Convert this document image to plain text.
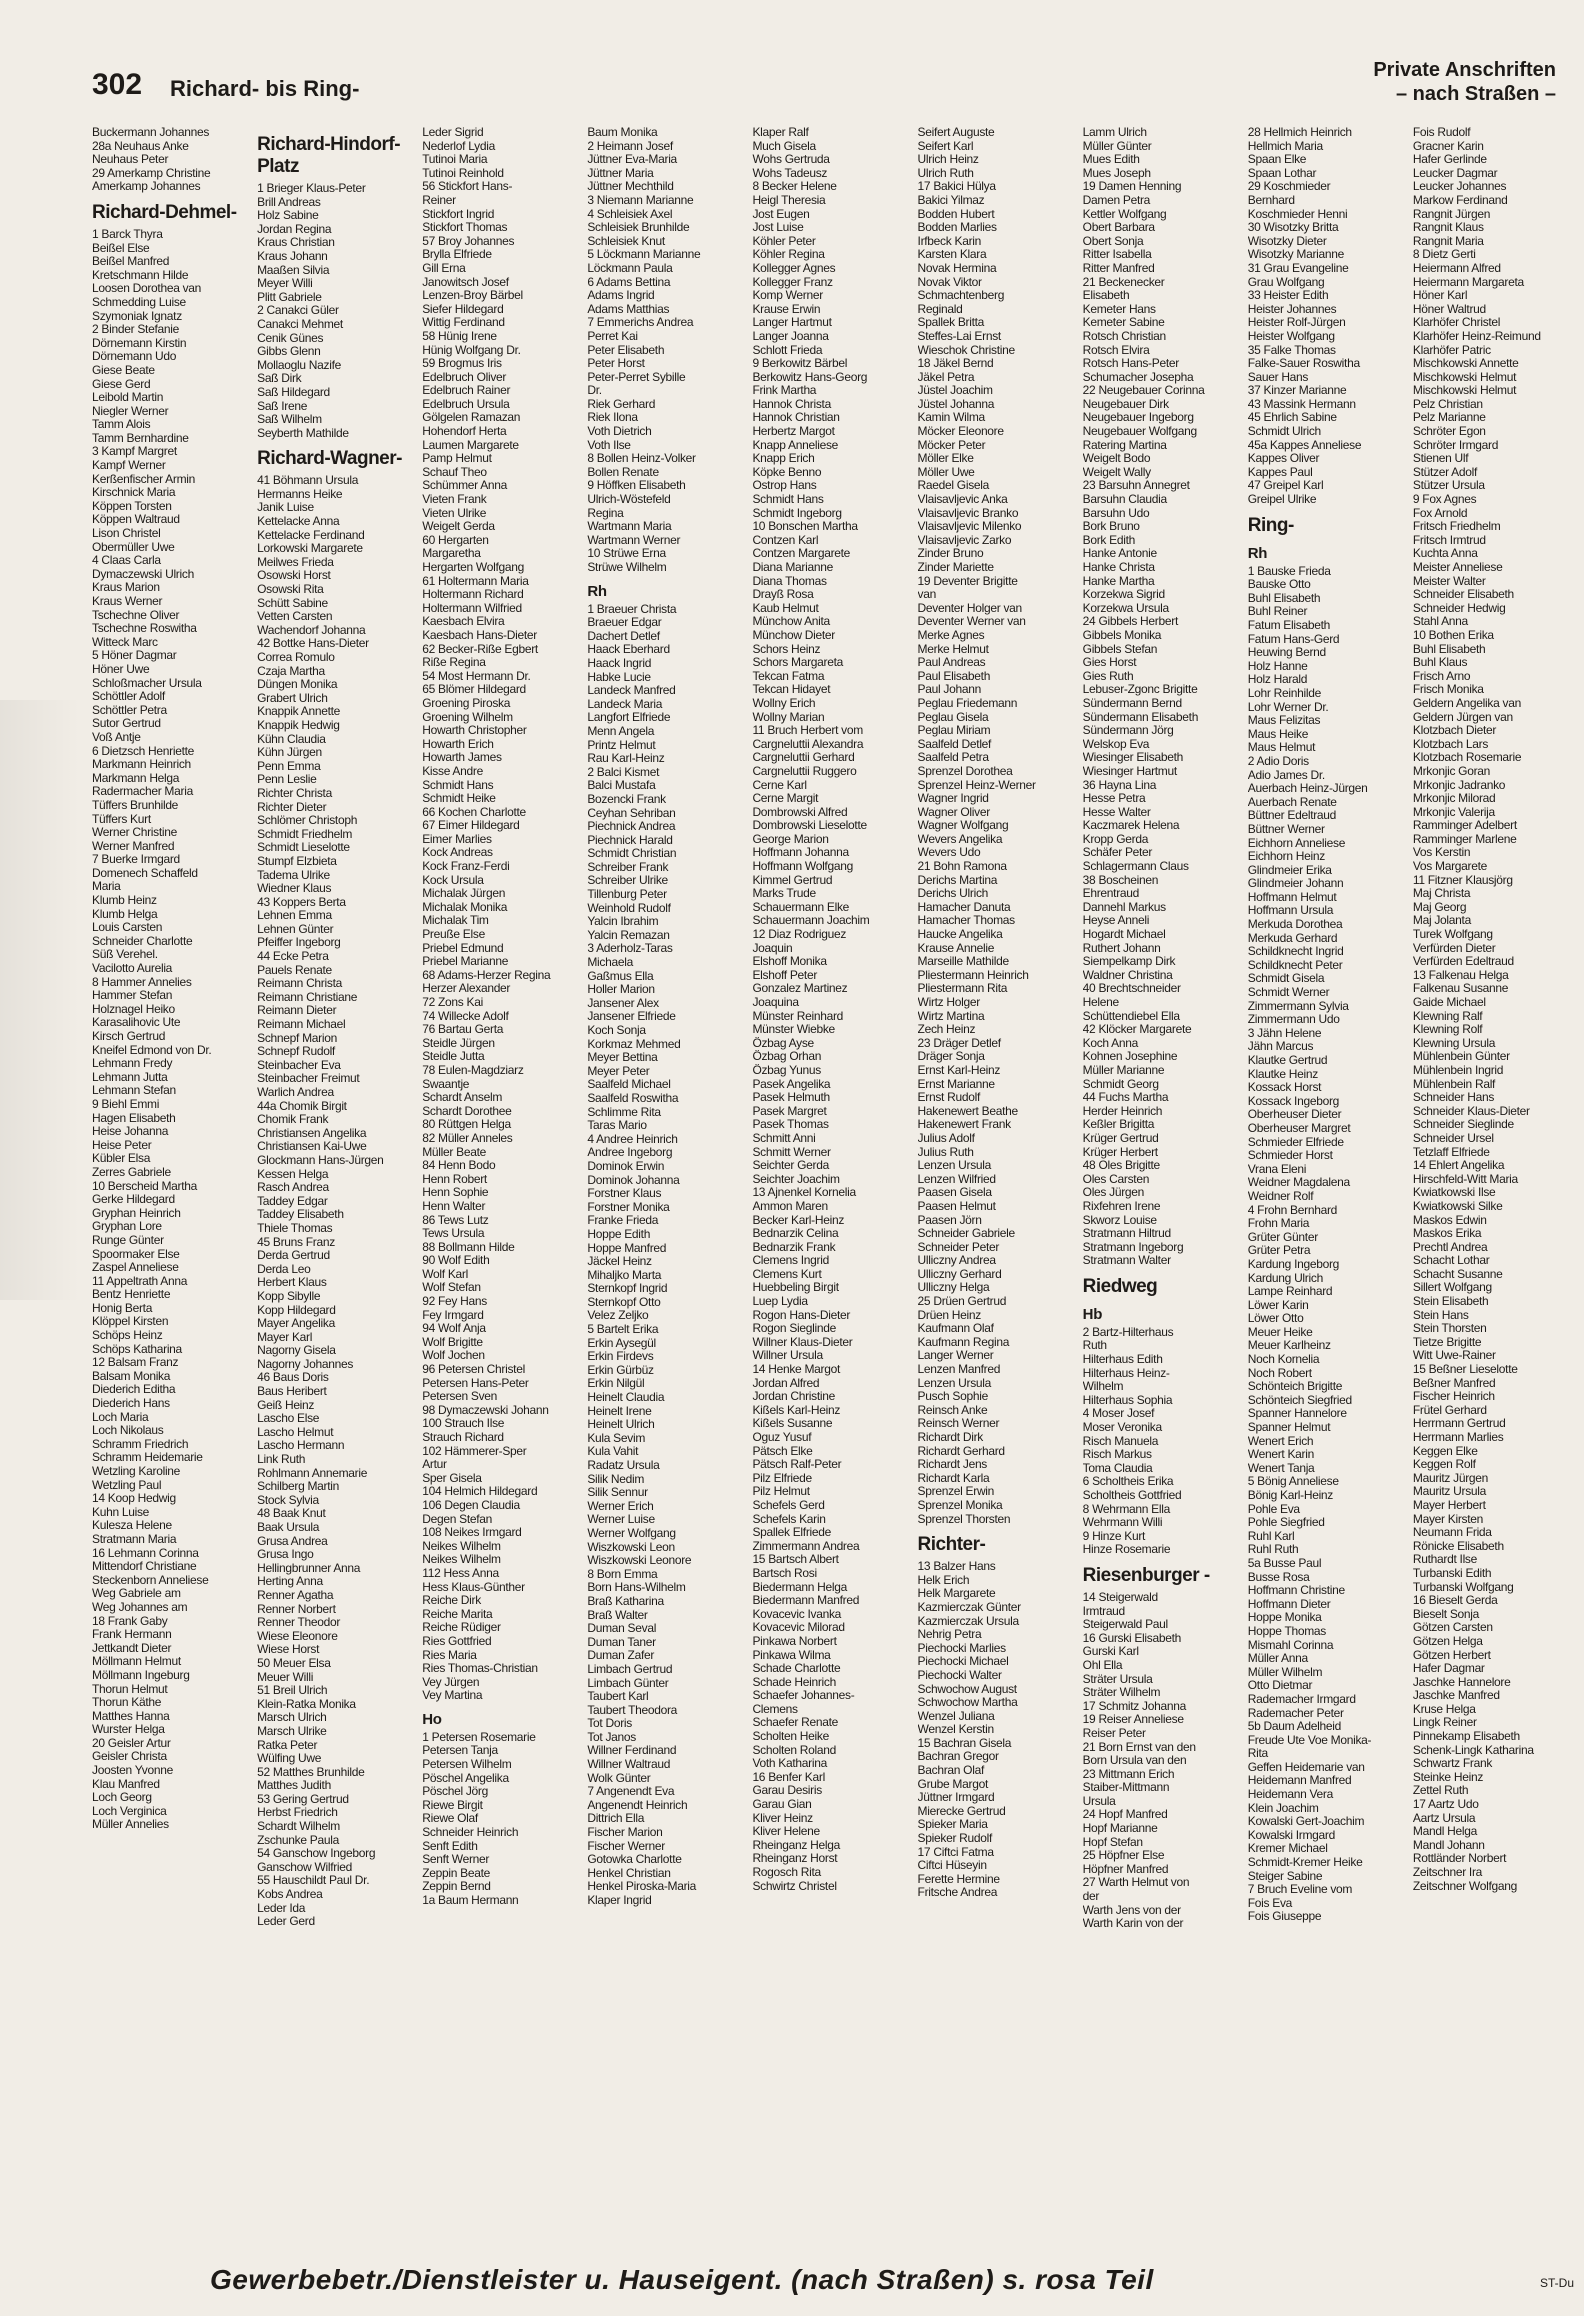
302 Richard- bis Ring-
Private Anschriften
– nach Straßen –
Buckermann Johannes
28a Neuhaus Anke
Neuhaus Peter
29 Amerkamp Christine
Amerkamp Johannes
Richard-Dehmel-
1 Barck Thyra
Beißel Else
Beißel Manfred
Kretschmann Hilde
Loosen Dorothea van
Schmedding Luise
Szymoniak Ignatz
2 Binder Stefanie
Dörnemann Kirstin
Dörnemann Udo
Giese Beate
Giese Gerd
Leibold Martin
Niegler Werner
Tamm Alois
Tamm Bernhardine
3 Kampf Margret
Kampf Werner
Kerßenfischer Armin
Kirschnick Maria
Köppen Torsten
Köppen Waltraud
Lison Christel
Obermüller Uwe
4 Claas Carla
Dymaczewski Ulrich
Kraus Marion
Kraus Werner
Tschechne Oliver
Tschechne Roswitha
Witteck Marc
5 Höner Dagmar
Höner Uwe
Schloßmacher Ursula
Schöttler Adolf
Schöttler Petra
Sutor Gertrud
Voß Antje
6 Dietzsch Henriette
Markmann Heinrich
Markmann Helga
Radermacher Maria
Tüffers Brunhilde
Tüffers Kurt
Werner Christine
Werner Manfred
7 Buerke Irmgard
Domenech Schaffeld
Maria
Klumb Heinz
Klumb Helga
Louis Carsten
Schneider Charlotte
Süß Verehel.
Vacilotto Aurelia
8 Hammer Annelies
Hammer Stefan
Holznagel Heiko
Karasalihovic Ute
Kirsch Gertrud
Kneifel Edmond von Dr.
Lehmann Fredy
Lehmann Jutta
Lehmann Stefan
9 Biehl Emmi
Hagen Elisabeth
Heise Johanna
Heise Peter
Kübler Elsa
Zerres Gabriele
10 Berscheid Martha
Gerke Hildegard
Gryphan Heinrich
Gryphan Lore
Runge Günter
Spoormaker Else
Zaspel Anneliese
11 Appeltrath Anna
Bentz Henriette
Honig Berta
Klöppel Kirsten
Schöps Heinz
Schöps Katharina
12 Balsam Franz
Balsam Monika
Diederich Editha
Diederich Hans
Loch Maria
Loch Nikolaus
Schramm Friedrich
Schramm Heidemarie
Wetzling Karoline
Wetzling Paul
14 Koop Hedwig
Kuhn Luise
Kulesza Helene
Stratmann Maria
16 Lehmann Corinna
Mittendorf Christiane
Steckenborn Anneliese
Weg Gabriele am
Weg Johannes am
18 Frank Gaby
Frank Hermann
Jettkandt Dieter
Möllmann Helmut
Möllmann Ingeburg
Thorun Helmut
Thorun Käthe
Matthes Hanna
Wurster Helga
20 Geisler Artur
Geisler Christa
Joosten Yvonne
Klau Manfred
Loch Georg
Loch Verginica
Müller Annelies
Richard-Hindorf-Platz
1 Brieger Klaus-Peter
Brill Andreas
Holz Sabine
Jordan Regina
Kraus Christian
Kraus Johann
Maaßen Silvia
Meyer Willi
Plitt Gabriele
2 Canakci Güler
Canakci Mehmet
Cenik Günes
Gibbs Glenn
Mollaoglu Nazife
Saß Dirk
Saß Hildegard
Saß Irene
Saß Wilhelm
Seyberth Mathilde
Richard-Wagner-
41 Böhmann Ursula
Hermanns Heike
Janik Luise
Kettelacke Anna
Kettelacke Ferdinand
Lorkowski Margarete
Meilwes Frieda
Osowski Horst
Osowski Rita
Schütt Sabine
Vetten Carsten
Wachendorf Johanna
42 Bottke Hans-Dieter
Correa Romulo
Czaja Martha
Düngen Monika
Grabert Ulrich
Knappik Annette
Knappik Hedwig
Kühn Claudia
Kühn Jürgen
Penn Emma
Penn Leslie
Richter Christa
Richter Dieter
Schlömer Christoph
Schmidt Friedhelm
Schmidt Lieselotte
Stumpf Elzbieta
Tadema Ulrike
Wiedner Klaus
43 Koppers Berta
Lehnen Emma
Lehnen Günter
Pfeiffer Ingeborg
44 Ecke Petra
Pauels Renate
Reimann Christa
Reimann Christiane
Reimann Dieter
Reimann Michael
Schnepf Marion
Schnepf Rudolf
Steinbacher Eva
Steinbacher Freimut
Warlich Andrea
44a Chomik Birgit
Chomik Frank
Christiansen Angelika
Christiansen Kai-Uwe
Glockmann Hans-Jürgen
Kessen Helga
Rasch Andrea
Taddey Edgar
Taddey Elisabeth
Thiele Thomas
45 Bruns Franz
Derda Gertrud
Derda Leo
Herbert Klaus
Kopp Sibylle
Kopp Hildegard
Mayer Angelika
Mayer Karl
Nagorny Gisela
Nagorny Johannes
46 Baus Doris
Baus Heribert
Geiß Heinz
Lascho Else
Lascho Helmut
Lascho Hermann
Link Ruth
Rohlmann Annemarie
Schilberg Martin
Stock Sylvia
48 Baak Knut
Baak Ursula
Grusa Andrea
Grusa Ingo
Hellingbrunner Anna
Herting Anna
Renner Agatha
Renner Norbert
Renner Theodor
Wiese Eleonore
Wiese Horst
50 Meuer Elsa
Meuer Willi
51 Breil Ulrich
Klein-Ratka Monika
Marsch Ulrich
Marsch Ulrike
Ratka Peter
Wülfing Uwe
52 Matthes Brunhilde
Matthes Judith
53 Gering Gertrud
Herbst Friedrich
Schardt Wilhelm
Zschunke Paula
54 Ganschow Ingeborg
Ganschow Wilfried
55 Hauschildt Paul Dr.
Kobs Andrea
Leder Ida
Leder Gerd
Leder Sigrid
Nederlof Lydia
Tutinoi Maria
Tutinoi Reinhold
56 Stickfort Hans-
Reiner
Stickfort Ingrid
Stickfort Thomas
57 Broy Johannes
Brylla Elfriede
Gill Erna
Janowitsch Josef
Lenzen-Broy Bärbel
Siefer Hildegard
Wittig Ferdinand
58 Hünig Irene
Hünig Wolfgang Dr.
59 Brogmus Iris
Edelbruch Oliver
Edelbruch Rainer
Edelbruch Ursula
Gölgelen Ramazan
Hohendorf Herta
Laumen Margarete
Pamp Helmut
Schauf Theo
Schümmer Anna
Vieten Frank
Vieten Ulrike
Weigelt Gerda
60 Hergarten
Margaretha
Hergarten Wolfgang
61 Holtermann Maria
Holtermann Richard
Holtermann Wilfried
Kaesbach Elvira
Kaesbach Hans-Dieter
62 Becker-Riße Egbert
Riße Regina
54 Most Hermann Dr.
65 Blömer Hildegard
Groening Piroska
Groening Wilhelm
Howarth Christopher
Howarth Erich
Howarth James
Kisse Andre
Schmidt Hans
Schmidt Heike
66 Kochen Charlotte
67 Eimer Hildegard
Eimer Marlies
Kock Andreas
Kock Franz-Ferdi
Kock Ursula
Michalak Jürgen
Michalak Monika
Michalak Tim
Preuße Else
Priebel Edmund
Priebel Marianne
68 Adams-Herzer Regina
Herzer Alexander
72 Zons Kai
74 Willecke Adolf
76 Bartau Gerta
Steidle Jürgen
Steidle Jutta
78 Eulen-Magdziarz
Swaantje
Schardt Anselm
Schardt Dorothee
80 Rüttgen Helga
82 Müller Anneles
Müller Beate
84 Henn Bodo
Henn Robert
Henn Sophie
Henn Walter
86 Tews Lutz
Tews Ursula
88 Bollmann Hilde
90 Wolf Edith
Wolf Karl
Wolf Stefan
92 Fey Hans
Fey Irmgard
94 Wolf Anja
Wolf Brigitte
Wolf Jochen
96 Petersen Christel
Petersen Hans-Peter
Petersen Sven
98 Dymaczewski Johann
100 Strauch Ilse
Strauch Richard
102 Hämmerer-Sper
Artur
Sper Gisela
104 Helmich Hildegard
106 Degen Claudia
Degen Stefan
108 Neikes Irmgard
Neikes Wilhelm
Neikes Wilhelm
112 Hess Anna
Hess Klaus-Günther
Reiche Dirk
Reiche Marita
Reiche Rüdiger
Ries Gottfried
Ries Maria
Ries Thomas-Christian
Vey Jürgen
Vey Martina
Ho
1 Petersen Rosemarie
Petersen Tanja
Petersen Wilhelm
Pöschel Angelika
Pöschel Jörg
Riewe Birgit
Riewe Olaf
Schneider Heinrich
Senft Edith
Senft Werner
Zeppin Beate
Zeppin Bernd
1a Baum Hermann
Baum Monika
2 Heimann Josef
Jüttner Eva-Maria
Jüttner Maria
Jüttner Mechthild
3 Niemann Marianne
4 Schleisiek Axel
Schleisiek Brunhilde
Schleisiek Knut
5 Löckmann Marianne
Löckmann Paula
6 Adams Bettina
Adams Ingrid
Adams Matthias
7 Emmerichs Andrea
Perret Kai
Peter Elisabeth
Peter Horst
Peter-Perret Sybille
Dr.
Riek Gerhard
Riek Ilona
Voth Dietrich
Voth Ilse
8 Bollen Heinz-Volker
Bollen Renate
9 Höffken Elisabeth
Ulrich-Wöstefeld
Regina
Wartmann Maria
Wartmann Werner
10 Strüwe Erna
Strüwe Wilhelm
Rh
1 Braeuer Christa
Braeuer Edgar
Dachert Detlef
Haack Eberhard
Haack Ingrid
Habke Lucie
Landeck Manfred
Landeck Maria
Langfort Elfriede
Menn Angela
Printz Helmut
Rau Karl-Heinz
2 Balci Kismet
Balci Mustafa
Bozencki Frank
Ceyhan Sehriban
Piechnick Andrea
Piechnick Harald
Schmidt Christian
Schreiber Frank
Schreiber Ulrike
Tillenburg Peter
Weinhold Rudolf
Yalcin Ibrahim
Yalcin Remazan
3 Aderholz-Taras
Michaela
Gaßmus Ella
Holler Marion
Jansener Alex
Jansener Elfriede
Koch Sonja
Korkmaz Mehmed
Meyer Bettina
Meyer Peter
Saalfeld Michael
Saalfeld Roswitha
Schlimme Rita
Taras Mario
4 Andree Heinrich
Andree Ingeborg
Dominok Erwin
Dominok Johanna
Forstner Klaus
Forstner Monika
Franke Frieda
Hoppe Edith
Hoppe Manfred
Jäckel Heinz
Mihaljko Marta
Sternkopf Ingrid
Sternkopf Otto
Velez Zeljko
5 Bartelt Erika
Erkin Aysegül
Erkin Firdevs
Erkin Gürbüz
Erkin Nilgül
Heinelt Claudia
Heinelt Irene
Heinelt Ulrich
Kula Sevim
Kula Vahit
Radatz Ursula
Silik Nedim
Silik Sennur
Werner Erich
Werner Luise
Werner Wolfgang
Wiszkowski Leon
Wiszkowski Leonore
8 Born Emma
Born Hans-Wilhelm
Braß Katharina
Braß Walter
Duman Seval
Duman Taner
Duman Zafer
Limbach Gertrud
Limbach Günter
Taubert Karl
Taubert Theodora
Tot Doris
Tot Janos
Willner Ferdinand
Willner Waltraud
Wolk Günter
7 Angenendt Eva
Angenendt Heinrich
Dittrich Ella
Fischer Marion
Fischer Werner
Gotowka Charlotte
Henkel Christian
Henkel Piroska-Maria
Klaper Ingrid
Klaper Ralf
Much Gisela
Wohs Gertruda
Wohs Tadeusz
8 Becker Helene
Heigl Theresia
Jost Eugen
Jost Luise
Köhler Peter
Köhler Regina
Kollegger Agnes
Kollegger Franz
Komp Werner
Krause Erwin
Langer Hartmut
Langer Joanna
Schlott Frieda
9 Berkowitz Bärbel
Berkowitz Hans-Georg
Frink Martha
Hannok Christa
Hannok Christian
Herbertz Margot
Knapp Anneliese
Knapp Erich
Köpke Benno
Ostrop Hans
Schmidt Hans
Schmidt Ingeborg
10 Bonschen Martha
Contzen Karl
Contzen Margarete
Diana Marianne
Diana Thomas
Drayß Rosa
Kaub Helmut
Münchow Anita
Münchow Dieter
Schors Heinz
Schors Margareta
Tekcan Fatma
Tekcan Hidayet
Wollny Erich
Wollny Marian
11 Bruch Herbert vom
Cargneluttii Alexandra
Cargneluttii Gerhard
Cargneluttii Ruggero
Cerne Karl
Cerne Margit
Dombrowski Alfred
Dombrowski Lieselotte
George Marion
Hoffmann Johanna
Hoffmann Wolfgang
Kimmel Gertrud
Marks Trude
Schauermann Elke
Schauermann Joachim
12 Diaz Rodriguez
Joaquin
Elshoff Monika
Elshoff Peter
Gonzalez Martinez
Joaquina
Münster Reinhard
Münster Wiebke
Özbag Ayse
Özbag Orhan
Özbag Yunus
Pasek Angelika
Pasek Helmuth
Pasek Margret
Pasek Thomas
Schmitt Anni
Schmitt Werner
Seichter Gerda
Seichter Joachim
13 Ajnenkel Kornelia
Ammon Maren
Becker Karl-Heinz
Bednarzik Celina
Bednarzik Frank
Clemens Ingrid
Clemens Kurt
Huebbeling Birgit
Luep Lydia
Rogon Hans-Dieter
Rogon Sieglinde
Willner Klaus-Dieter
Willner Ursula
14 Henke Margot
Jordan Alfred
Jordan Christine
Kißels Karl-Heinz
Kißels Susanne
Oguz Yusuf
Pätsch Elke
Pätsch Ralf-Peter
Pilz Elfriede
Pilz Helmut
Schefels Gerd
Schefels Karin
Spallek Elfriede
Zimmermann Andrea
15 Bartsch Albert
Bartsch Rosi
Biedermann Helga
Biedermann Manfred
Kovacevic Ivanka
Kovacevic Milorad
Pinkawa Norbert
Pinkawa Wilma
Schade Charlotte
Schade Heinrich
Schaefer Johannes-
Clemens
Schaefer Renate
Scholten Heike
Scholten Roland
Voth Katharina
16 Benfer Karl
Garau Desiris
Garau Gian
Kliver Heinz
Kliver Helene
Rheinganz Helga
Rheinganz Horst
Rogosch Rita
Schwirtz Christel
Seifert Auguste
Seifert Karl
Ulrich Heinz
Ulrich Ruth
17 Bakici Hülya
Bakici Yilmaz
Bodden Hubert
Bodden Marlies
Irfbeck Karin
Karsten Klara
Novak Hermina
Novak Viktor
Schmachtenberg
Reginald
Spallek Britta
Steffes-Lai Ernst
Wieschok Christine
18 Jäkel Bernd
Jäkel Petra
Jüstel Joachim
Jüstel Johanna
Kamin Wilma
Möcker Eleonore
Möcker Peter
Möller Elke
Möller Uwe
Raedel Gisela
Vlaisavljevic Anka
Vlaisavljevic Branko
Vlaisavljevic Milenko
Vlaisavljevic Zarko
Zinder Bruno
Zinder Mariette
19 Deventer Brigitte
van
Deventer Holger van
Deventer Werner van
Merke Agnes
Merke Helmut
Paul Andreas
Paul Elisabeth
Paul Johann
Peglau Friedemann
Peglau Gisela
Peglau Miriam
Saalfeld Detlef
Saalfeld Petra
Sprenzel Dorothea
Sprenzel Heinz-Werner
Wagner Ingrid
Wagner Oliver
Wagner Wolfgang
Wevers Angelika
Wevers Udo
21 Bohn Ramona
Derichs Martina
Derichs Ulrich
Hamacher Danuta
Hamacher Thomas
Haucke Angelika
Krause Annelie
Marseille Mathilde
Pliestermann Heinrich
Pliestermann Rita
Wirtz Holger
Wirtz Martina
Zech Heinz
23 Dräger Detlef
Dräger Sonja
Ernst Karl-Heinz
Ernst Marianne
Ernst Rudolf
Hakenewert Beathe
Hakenewert Frank
Julius Adolf
Julius Ruth
Lenzen Ursula
Lenzen Wilfried
Paasen Gisela
Paasen Helmut
Paasen Jörn
Schneider Gabriele
Schneider Peter
Ulliczny Andrea
Ulliczny Gerhard
Ulliczny Helga
25 Drüen Gertrud
Drüen Heinz
Kaufmann Olaf
Kaufmann Regina
Langer Werner
Lenzen Manfred
Lenzen Ursula
Pusch Sophie
Reinsch Anke
Reinsch Werner
Richardt Dirk
Richardt Gerhard
Richardt Jens
Richardt Karla
Sprenzel Erwin
Sprenzel Monika
Sprenzel Thorsten
Richter-
13 Balzer Hans
Helk Erich
Helk Margarete
Kazmierczak Günter
Kazmierczak Ursula
Nehrig Petra
Piechocki Marlies
Piechocki Michael
Piechocki Walter
Schwochow August
Schwochow Martha
Wenzel Juliana
Wenzel Kerstin
15 Bachran Gisela
Bachran Gregor
Bachran Olaf
Grube Margot
Jüttner Irmgard
Mierecke Gertrud
Spieker Maria
Spieker Rudolf
17 Ciftci Fatma
Ciftci Hüseyin
Ferette Hermine
Fritsche Andrea
Lamm Ulrich
Müller Günter
Mues Edith
Mues Joseph
19 Damen Henning
Damen Petra
Kettler Wolfgang
Obert Barbara
Obert Sonja
Ritter Isabella
Ritter Manfred
21 Beckenecker
Elisabeth
Kemeter Hans
Kemeter Sabine
Rotsch Christian
Rotsch Elvira
Rotsch Hans-Peter
Schumacher Josepha
22 Neugebauer Corinna
Neugebauer Dirk
Neugebauer Ingeborg
Neugebauer Wolfgang
Ratering Martina
Weigelt Bodo
Weigelt Wally
23 Barsuhn Annegret
Barsuhn Claudia
Barsuhn Udo
Bork Bruno
Bork Edith
Hanke Antonie
Hanke Christa
Hanke Martha
Korzekwa Sigrid
Korzekwa Ursula
24 Gibbels Herbert
Gibbels Monika
Gibbels Stefan
Gies Horst
Gies Ruth
Lebuser-Zgonc Brigitte
Sündermann Bernd
Sündermann Elisabeth
Sündermann Jörg
Welskop Eva
Wiesinger Elisabeth
Wiesinger Hartmut
36 Hayna Lina
Hesse Petra
Hesse Walter
Kaczmarek Helena
Kropp Gerda
Schäfer Peter
Schlagermann Claus
38 Boscheinen
Ehrentraud
Dannehl Markus
Heyse Anneli
Hogardt Michael
Ruthert Johann
Siempelkamp Dirk
Waldner Christina
40 Brechtschneider
Helene
Schüttendiebel Ella
42 Klöcker Margarete
Koch Anna
Kohnen Josephine
Müller Marianne
Schmidt Georg
44 Fuchs Martha
Herder Heinrich
Keßler Brigitta
Krüger Gertrud
Krüger Herbert
48 Oles Brigitte
Oles Carsten
Oles Jürgen
Rixfehren Irene
Skworz Louise
Stratmann Hiltrud
Stratmann Ingeborg
Stratmann Walter
Riedweg
Hb
2 Bartz-Hilterhaus
Ruth
Hilterhaus Edith
Hilterhaus Heinz-
Wilhelm
Hilterhaus Sophia
4 Moser Josef
Moser Veronika
Risch Manuela
Risch Markus
Toma Claudia
6 Scholtheis Erika
Scholtheis Gottfried
8 Wehrmann Ella
Wehrmann Willi
9 Hinze Kurt
Hinze Rosemarie
Riesenburger -
14 Steigerwald
Irmtraud
Steigerwald Paul
16 Gurski Elisabeth
Gurski Karl
Ohl Ella
Sträter Ursula
Sträter Wilhelm
17 Schmitz Johanna
19 Reiser Anneliese
Reiser Peter
21 Born Ernst van den
Born Ursula van den
23 Mittmann Erich
Staiber-Mittmann
Ursula
24 Hopf Manfred
Hopf Marianne
Hopf Stefan
25 Höpfner Else
Höpfner Manfred
27 Warth Helmut von
der
Warth Jens von der
Warth Karin von der
28 Hellmich Heinrich
Hellmich Maria
Spaan Elke
Spaan Lothar
29 Koschmieder
Bernhard
Koschmieder Henni
30 Wisotzky Britta
Wisotzky Dieter
Wisotzky Marianne
31 Grau Evangeline
Grau Wolfgang
33 Heister Edith
Heister Johannes
Heister Rolf-Jürgen
Heister Wolfgang
35 Falke Thomas
Falke-Sauer Roswitha
Sauer Hans
37 Kinzer Marianne
43 Massink Hermann
45 Ehrlich Sabine
Schmidt Ulrich
45a Kappes Anneliese
Kappes Oliver
Kappes Paul
47 Greipel Karl
Greipel Ulrike
Ring-
Rh
1 Bauske Frieda
Bauske Otto
Buhl Elisabeth
Buhl Reiner
Fatum Elisabeth
Fatum Hans-Gerd
Heuwing Bernd
Holz Hanne
Holz Harald
Lohr Reinhilde
Lohr Werner Dr.
Maus Felizitas
Maus Heike
Maus Helmut
2 Adio Doris
Adio James Dr.
Auerbach Heinz-Jürgen
Auerbach Renate
Büttner Edeltraud
Büttner Werner
Eichhorn Anneliese
Eichhorn Heinz
Glindmeier Erika
Glindmeier Johann
Hoffmann Helmut
Hoffmann Ursula
Merkuda Dorothea
Merkuda Gerhard
Schildknecht Ingrid
Schildknecht Peter
Schmidt Gisela
Schmidt Werner
Zimmermann Sylvia
Zimmermann Udo
3 Jähn Helene
Jähn Marcus
Klautke Gertrud
Klautke Heinz
Kossack Horst
Kossack Ingeborg
Oberheuser Dieter
Oberheuser Margret
Schmieder Elfriede
Schmieder Horst
Vrana Eleni
Weidner Magdalena
Weidner Rolf
4 Frohn Bernhard
Frohn Maria
Grüter Günter
Grüter Petra
Kardung Ingeborg
Kardung Ulrich
Lampe Reinhard
Löwer Karin
Löwer Otto
Meuer Heike
Meuer Karlheinz
Noch Kornelia
Noch Robert
Schönteich Brigitte
Schönteich Siegfried
Spanner Hannelore
Spanner Helmut
Wenert Erich
Wenert Karin
Wenert Tanja
5 Bönig Anneliese
Bönig Karl-Heinz
Pohle Eva
Pohle Siegfried
Ruhl Karl
Ruhl Ruth
5a Busse Paul
Busse Rosa
Hoffmann Christine
Hoffmann Dieter
Hoppe Monika
Hoppe Thomas
Mismahl Corinna
Müller Anna
Müller Wilhelm
Otto Dietmar
Rademacher Irmgard
Rademacher Peter
5b Daum Adelheid
Freude Ute Voe Monika-
Rita
Geffen Heidemarie van
Heidemann Manfred
Heidemann Vera
Klein Joachim
Kowalski Gert-Joachim
Kowalski Irmgard
Kremer Michael
Schmidt-Kremer Heike
Steiger Sabine
7 Bruch Eveline vom
Fois Eva
Fois Giuseppe
Fois Rudolf
Gracner Karin
Hafer Gerlinde
Leucker Dagmar
Leucker Johannes
Markow Ferdinand
Rangnit Jürgen
Rangnit Klaus
Rangnit Maria
8 Dietz Gerti
Heiermann Alfred
Heiermann Margareta
Höner Karl
Höner Waltrud
Klarhöfer Christel
Klarhöfer Heinz-Reimund
Klarhöfer Patric
Mischkowski Annette
Mischkowski Helmut
Mischkowski Helmut
Pelz Christian
Pelz Marianne
Schröter Egon
Schröter Irmgard
Stienen Ulf
Stützer Adolf
Stützer Ursula
9 Fox Agnes
Fox Arnold
Fritsch Friedhelm
Fritsch Irmtrud
Kuchta Anna
Meister Anneliese
Meister Walter
Schneider Elisabeth
Schneider Hedwig
Stahl Anna
10 Bothen Erika
Buhl Elisabeth
Buhl Klaus
Frisch Arno
Frisch Monika
Geldern Angelika van
Geldern Jürgen van
Klotzbach Dieter
Klotzbach Lars
Klotzbach Rosemarie
Mrkonjic Goran
Mrkonjic Jadranko
Mrkonjic Milorad
Mrkonjic Valerija
Ramminger Adelbert
Ramminger Marlene
Vos Kerstin
Vos Margarete
11 Fitzner Klausjörg
Maj Christa
Maj Georg
Maj Jolanta
Turek Wolfgang
Verfürden Dieter
Verfürden Edeltraud
13 Falkenau Helga
Falkenau Susanne
Gaide Michael
Klewning Ralf
Klewning Rolf
Klewning Ursula
Mühlenbein Günter
Mühlenbein Ingrid
Mühlenbein Ralf
Schneider Hans
Schneider Klaus-Dieter
Schneider Sieglinde
Schneider Ursel
Tetzlaff Elfriede
14 Ehlert Angelika
Hirschfeld-Witt Maria
Kwiatkowski Ilse
Kwiatkowski Silke
Maskos Edwin
Maskos Erika
Prechtl Andrea
Schacht Lothar
Schacht Susanne
Sillert Wolfgang
Stein Elisabeth
Stein Hans
Stein Thorsten
Tietze Brigitte
Witt Uwe-Rainer
15 Beßner Lieselotte
Beßner Manfred
Fischer Heinrich
Frütel Gerhard
Herrmann Gertrud
Herrmann Marlies
Keggen Elke
Keggen Rolf
Mauritz Jürgen
Mauritz Ursula
Mayer Herbert
Mayer Kirsten
Neumann Frida
Rönicke Elisabeth
Ruthardt Ilse
Turbanski Edith
Turbanski Wolfgang
16 Bieselt Gerda
Bieselt Sonja
Götzen Carsten
Götzen Helga
Götzen Herbert
Hafer Dagmar
Jaschke Hannelore
Jaschke Manfred
Kruse Helga
Lingk Reiner
Pinnekamp Elisabeth
Schenk-Lingk Katharina
Schwartz Frank
Steinke Heinz
Zettel Ruth
17 Aartz Udo
Aartz Ursula
Mandl Helga
Mandl Johann
Rottländer Norbert
Zeitschner Ira
Zeitschner Wolfgang
Gewerbebetr./Dienstleister u. Hauseigent. (nach Straßen) s. rosa Teil	ST-Du
